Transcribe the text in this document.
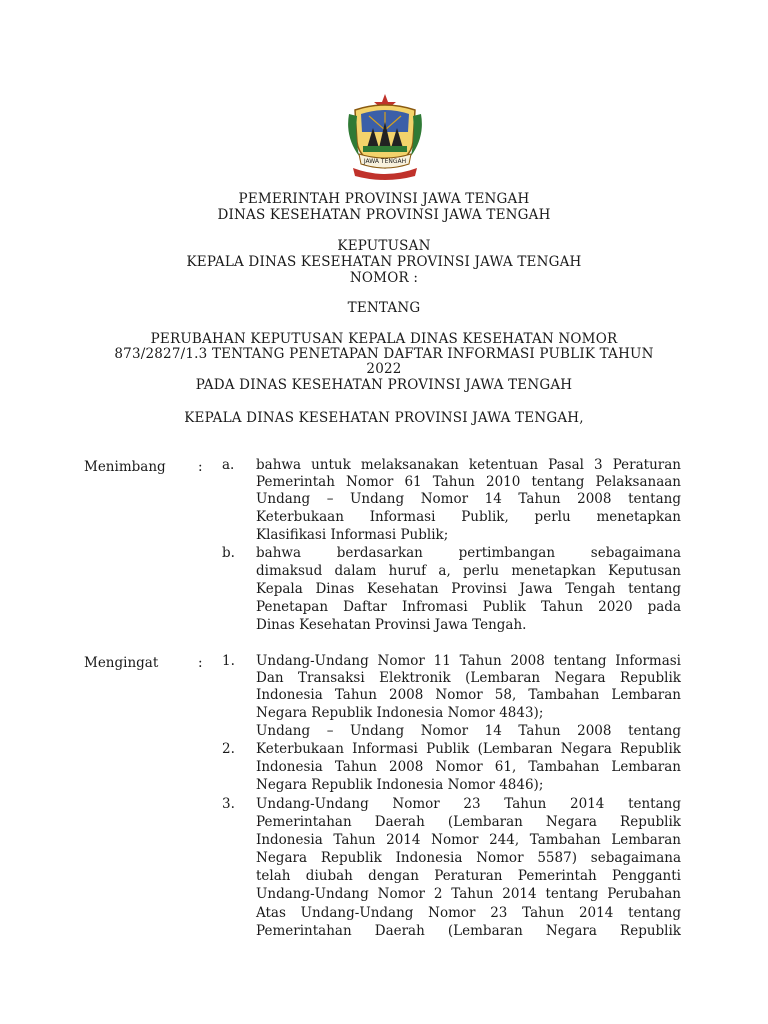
JAWA TENGAH
PEMERINTAH PROVINSI JAWA TENGAH
DINAS KESEHATAN PROVINSI JAWA TENGAH
KEPUTUSAN
KEPALA DINAS KESEHATAN PROVINSI JAWA TENGAH
NOMOR :
TENTANG
PERUBAHAN KEPUTUSAN KEPALA DINAS KESEHATAN NOMOR
873/2827/1.3 TENTANG PENETAPAN DAFTAR INFORMASI PUBLIK TAHUN
2022
PADA DINAS KESEHATAN PROVINSI JAWA TENGAH
KEPALA DINAS KESEHATAN PROVINSI JAWA TENGAH,
Menimbang : a. bahwa untuk melaksanakan ketentuan Pasal 3 Peraturan
Pemerintah Nomor 61 Tahun 2010 tentang Pelaksanaan
Undang – Undang Nomor 14 Tahun 2008 tentang
Keterbukaan Informasi Publik, perlu menetapkan
Klasifikasi Informasi Publik;
b. bahwa berdasarkan pertimbangan sebagaimana
dimaksud dalam huruf a, perlu menetapkan Keputusan
Kepala Dinas Kesehatan Provinsi Jawa Tengah tentang
Penetapan Daftar Infromasi Publik Tahun 2020 pada
Dinas Kesehatan Provinsi Jawa Tengah.
Mengingat	: 1. Undang-Undang Nomor 11 Tahun 2008 tentang Informasi
Dan Transaksi Elektronik (Lembaran Negara Republik
Indonesia Tahun 2008 Nomor 58, Tambahan Lembaran
Negara Republik Indonesia Nomor 4843);
Undang – Undang Nomor 14 Tahun 2008 tentang
2. Keterbukaan Informasi Publik (Lembaran Negara Republik
Indonesia Tahun 2008 Nomor 61, Tambahan Lembaran
Negara Republik Indonesia Nomor 4846);
3. Undang-Undang Nomor 23 Tahun 2014 tentang
Pemerintahan Daerah (Lembaran Negara Republik
Indonesia Tahun 2014 Nomor 244, Tambahan Lembaran
Negara Republik Indonesia Nomor 5587) sebagaimana
telah diubah dengan Peraturan Pemerintah Pengganti
Undang-Undang Nomor 2 Tahun 2014 tentang Perubahan
Atas Undang-Undang Nomor 23 Tahun 2014 tentang
Pemerintahan Daerah (Lembaran Negara Republik
